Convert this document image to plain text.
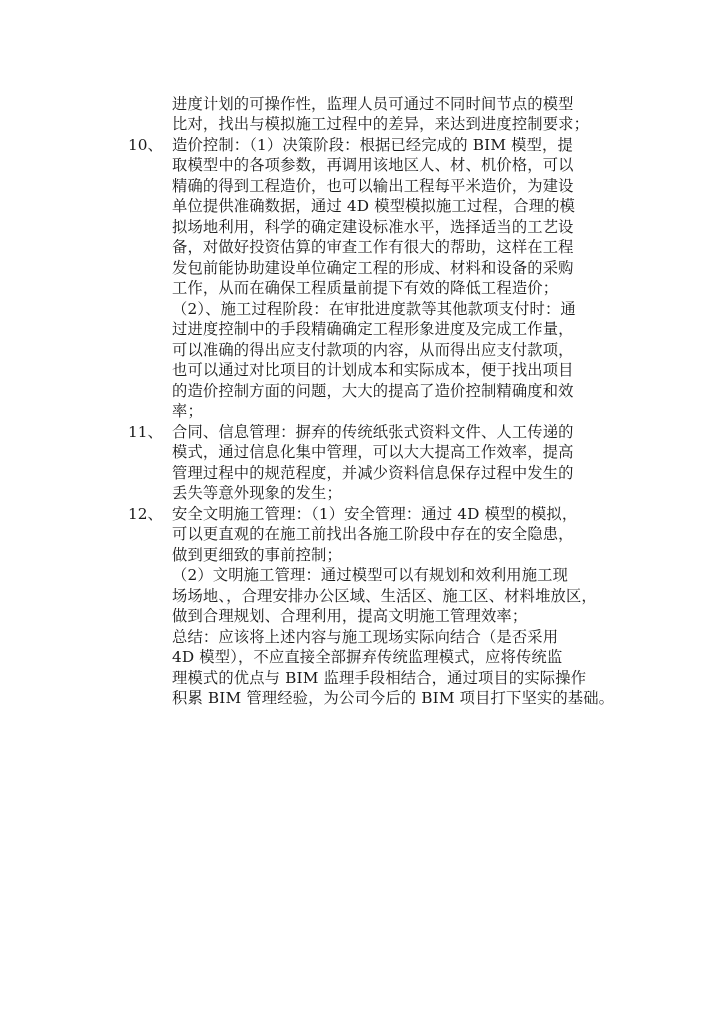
进度计划的可操作性，监理人员可通过不同时间节点的模型
比对，找出与模拟施工过程中的差异，来达到进度控制要求；
10、 造价控制：（1）决策阶段：根据已经完成的 BIM 模型，提
取模型中的各项参数，再调用该地区人、材、机价格，可以
精确的得到工程造价，也可以输出工程每平米造价，为建设
单位提供准确数据，通过 4D 模型模拟施工过程，合理的模
拟场地利用，科学的确定建设标准水平，选择适当的工艺设
备，对做好投资估算的审查工作有很大的帮助，这样在工程
发包前能协助建设单位确定工程的形成、材料和设备的采购
工作，从而在确保工程质量前提下有效的降低工程造价；
（2）、施工过程阶段：在审批进度款等其他款项支付时：通
过进度控制中的手段精确确定工程形象进度及完成工作量，
可以准确的得出应支付款项的内容，从而得出应支付款项，
也可以通过对比项目的计划成本和实际成本，便于找出项目
的造价控制方面的问题，大大的提高了造价控制精确度和效
率；
11、 合同、信息管理：摒弃的传统纸张式资料文件、人工传递的
模式，通过信息化集中管理，可以大大提高工作效率，提高
管理过程中的规范程度，并减少资料信息保存过程中发生的
丢失等意外现象的发生；
12、 安全文明施工管理：（1）安全管理：通过 4D 模型的模拟，
可以更直观的在施工前找出各施工阶段中存在的安全隐患，
做到更细致的事前控制；
（2）文明施工管理：通过模型可以有规划和效利用施工现
场场地、，合理安排办公区域、生活区、施工区、材料堆放区，
做到合理规划、合理利用，提高文明施工管理效率；
总结：应该将上述内容与施工现场实际向结合（是否采用
4D 模型），不应直接全部摒弃传统监理模式，应将传统监
理模式的优点与 BIM 监理手段相结合，通过项目的实际操作
积累 BIM 管理经验，为公司今后的 BIM 项目打下坚实的基础。
